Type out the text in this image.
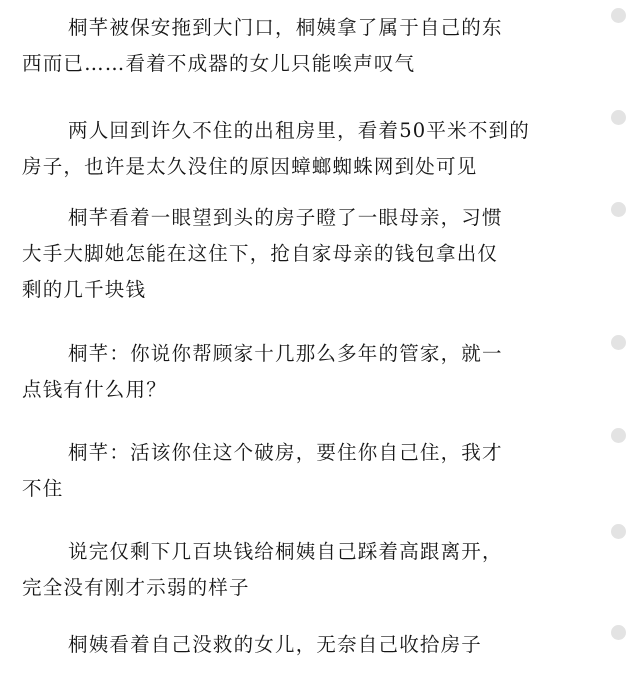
桐芊被保安拖到大门口，桐姨拿了属于自己的东
西而已……看着不成器的女儿只能唉声叹气
两人回到许久不住的出租房里，看着50平米不到的
房子，也许是太久没住的原因蟑螂蜘蛛网到处可见
桐芊看着一眼望到头的房子瞪了一眼母亲，习惯
大手大脚她怎能在这住下，抢自家母亲的钱包拿出仅
剩的几千块钱
桐芊：你说你帮顾家十几那么多年的管家，就一
点钱有什么用？
桐芊：活该你住这个破房，要住你自己住，我才
不住
说完仅剩下几百块钱给桐姨自己踩着高跟离开，
完全没有刚才示弱的样子
桐姨看着自己没救的女儿，无奈自己收拾房子
